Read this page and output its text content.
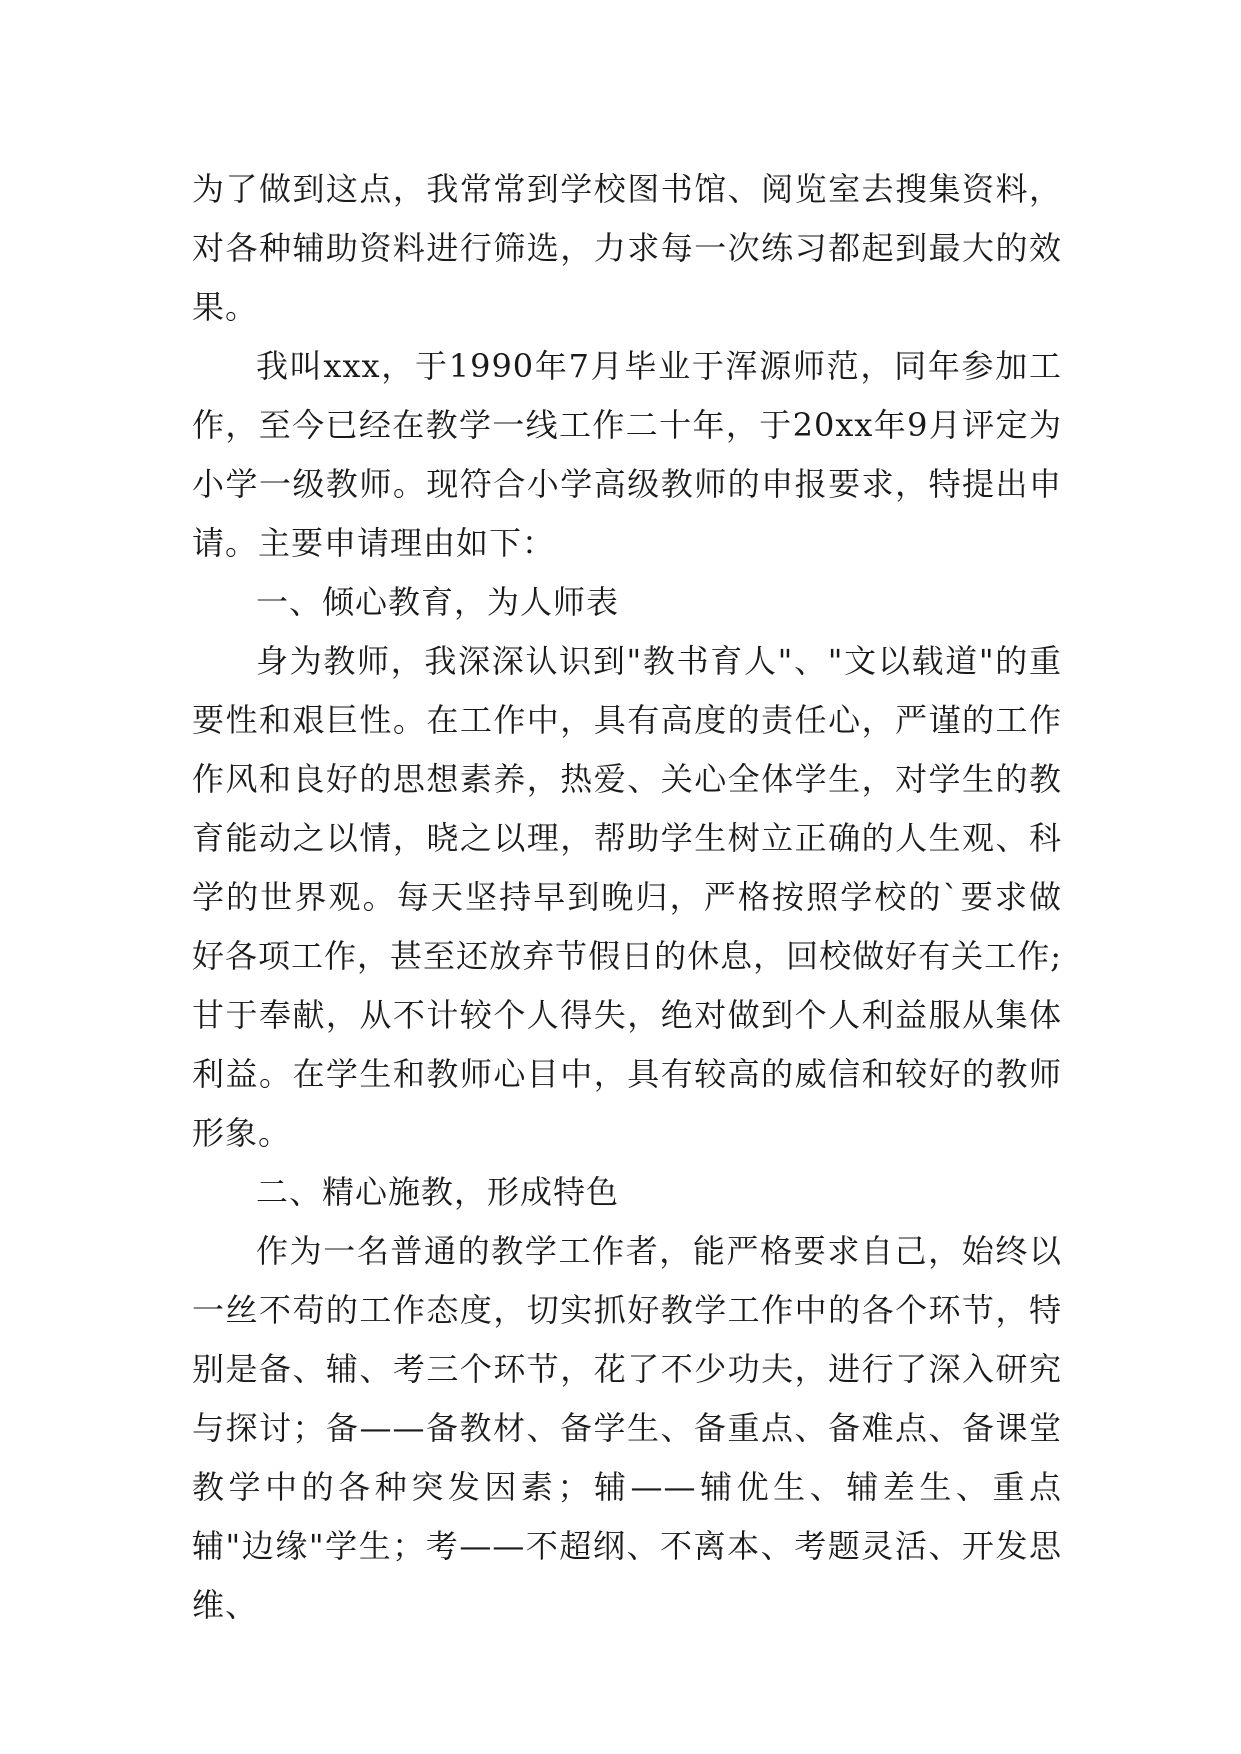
为了做到这点，我常常到学校图书馆、阅览室去搜集资料，对各种辅助资料进行筛选，力求每一次练习都起到最大的效果。

我叫xxx，于1990年7月毕业于浑源师范，同年参加工作，至今已经在教学一线工作二十年，于20xx年9月评定为小学一级教师。现符合小学高级教师的申报要求，特提出申请。主要申请理由如下：

一、倾心教育，为人师表

身为教师，我深深认识到"教书育人"、"文以载道"的重要性和艰巨性。在工作中，具有高度的责任心，严谨的工作作风和良好的思想素养，热爱、关心全体学生，对学生的教育能动之以情，晓之以理，帮助学生树立正确的人生观、科学的世界观。每天坚持早到晚归，严格按照学校的`要求做好各项工作，甚至还放弃节假日的休息，回校做好有关工作;甘于奉献，从不计较个人得失，绝对做到个人利益服从集体利益。在学生和教师心目中，具有较高的威信和较好的教师形象。

二、精心施教，形成特色

作为一名普通的教学工作者，能严格要求自己，始终以一丝不苟的工作态度，切实抓好教学工作中的各个环节，特别是备、辅、考三个环节，花了不少功夫，进行了深入研究与探讨；备——备教材、备学生、备重点、备难点、备课堂教学中的各种突发因素；辅——辅优生、辅差生、重点辅"边缘"学生；考——不超纲、不离本、考题灵活、开发思维、
